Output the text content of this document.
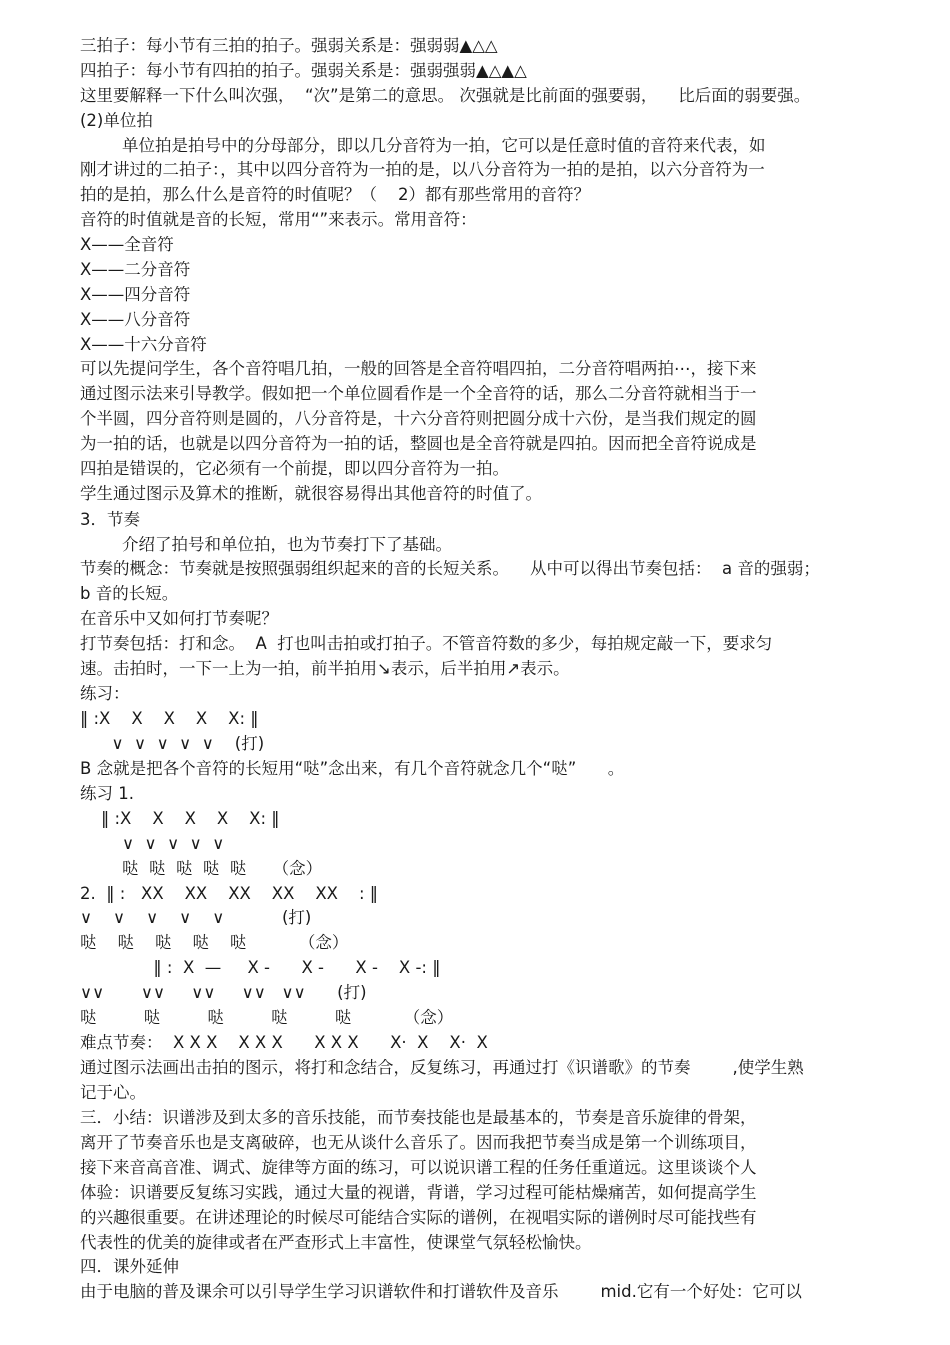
三拍子：每小节有三拍的拍子。强弱关系是：强弱弱▲△△

四拍子：每小节有四拍的拍子。强弱关系是：强弱强弱▲△▲△

这里要解释一下什么叫次强，  “次”是第二的意思。 次强就是比前面的强要弱，    比后面的弱要强。

(2)单位拍

单位拍是拍号中的分母部分，即以几分音符为一拍，它可以是任意时值的音符来代表，如

刚才讲过的二拍子：，其中以四分音符为一拍的是，以八分音符为一拍的是拍，以六分音符为一

拍的是拍，那么什么是音符的时值呢？（    2）都有那些常用的音符？

音符的时值就是音的长短，常用“”来表示。常用音符：

X——全音符

X——二分音符

X——四分音符

X——八分音符

X——十六分音符

可以先提问学生，各个音符唱几拍，一般的回答是全音符唱四拍，二分音符唱两拍⋯，接下来

通过图示法来引导教学。假如把一个单位圆看作是一个全音符的话，那么二分音符就相当于一

个半圆，四分音符则是圆的，八分音符是，十六分音符则把圆分成十六份，是当我们规定的圆

为一拍的话，也就是以四分音符为一拍的话，整圆也是全音符就是四拍。因而把全音符说成是

四拍是错误的，它必须有一个前提，即以四分音符为一拍。

学生通过图示及算术的推断，就很容易得出其他音符的时值了。

3．节奏

介绍了拍号和单位拍，也为节奏打下了基础。

节奏的概念：节奏就是按照强弱组织起来的音的长短关系。    从中可以得出节奏包括：  a 音的强弱；

b 音的长短。

在音乐中又如何打节奏呢？

打节奏包括：打和念。  A  打也叫击拍或打拍子。不管音符数的多少，每拍规定敲一下，要求匀

速。击拍时，一下一上为一拍，前半拍用↘表示，后半拍用↗表示。

练习：

‖ :X    X    X    X    X: ‖

∨  ∨  ∨  ∨  ∨    (打)

B 念就是把各个音符的长短用“哒”念出来，有几个音符就念几个“哒”      。

练习 1.

‖ :X    X    X    X    X: ‖

∨  ∨  ∨  ∨  ∨

哒  哒  哒  哒  哒     （念）

2.  ‖ :   XX    XX    XX    XX    XX    : ‖

∨    ∨    ∨    ∨    ∨           (打)

哒    哒    哒    哒    哒          （念）

‖ :  X  —     X -      X -      X -    X -: ‖

∨∨       ∨∨     ∨∨     ∨∨   ∨∨      (打)

哒         哒         哒         哒         哒          （念）

难点节奏：  X X X    X X X      X X X      X·  X    X·  X

通过图示法画出击拍的图示，将打和念结合，反复练习，再通过打《识谱歌》的节奏        ,使学生熟

记于心。

三．小结：识谱涉及到太多的音乐技能，而节奏技能也是最基本的，节奏是音乐旋律的骨架，

离开了节奏音乐也是支离破碎，也无从谈什么音乐了。因而我把节奏当成是第一个训练项目，

接下来音高音准、调式、旋律等方面的练习，可以说识谱工程的任务任重道远。这里谈谈个人

体验：识谱要反复练习实践，通过大量的视谱，背谱，学习过程可能枯燥痛苦，如何提高学生

的兴趣很重要。在讲述理论的时候尽可能结合实际的谱例，在视唱实际的谱例时尽可能找些有

代表性的优美的旋律或者在严查形式上丰富性，使课堂气氛轻松愉快。

四．课外延伸

由于电脑的普及课余可以引导学生学习识谱软件和打谱软件及音乐        mid.它有一个好处：它可以
